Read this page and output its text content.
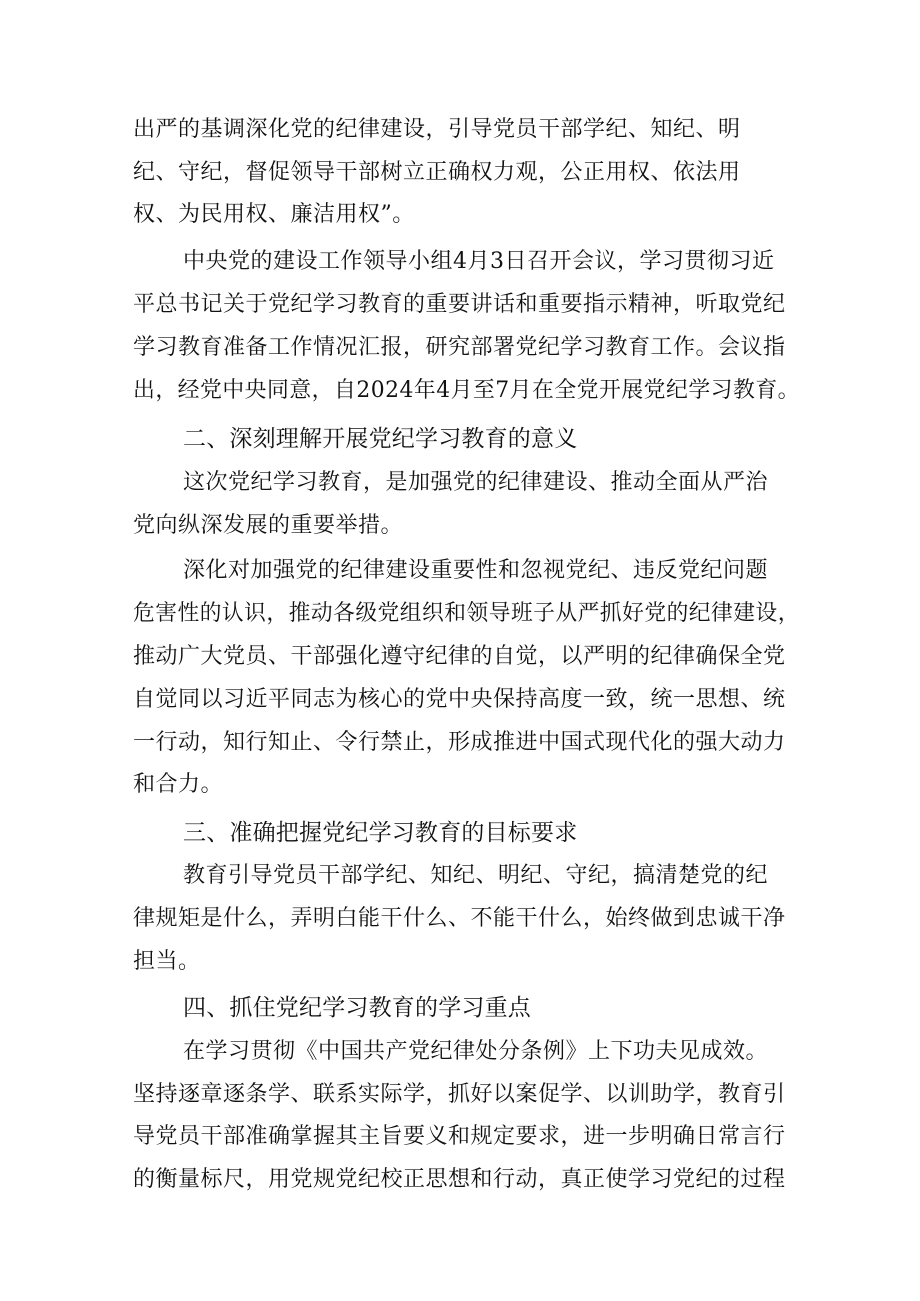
出严的基调深化党的纪律建设，引导党员干部学纪、知纪、明
纪、守纪，督促领导干部树立正确权力观，公正用权、依法用
权、为民用权、廉洁用权”。
中央党的建设工作领导小组4月3日召开会议，学习贯彻习近
平总书记关于党纪学习教育的重要讲话和重要指示精神，听取党纪
学习教育准备工作情况汇报，研究部署党纪学习教育工作。会议指
出，经党中央同意，自2024年4月至7月在全党开展党纪学习教育。
二、深刻理解开展党纪学习教育的意义
这次党纪学习教育，是加强党的纪律建设、推动全面从严治
党向纵深发展的重要举措。
深化对加强党的纪律建设重要性和忽视党纪、违反党纪问题
危害性的认识，推动各级党组织和领导班子从严抓好党的纪律建设，
推动广大党员、干部强化遵守纪律的自觉，以严明的纪律确保全党
自觉同以习近平同志为核心的党中央保持高度一致，统一思想、统
一行动，知行知止、令行禁止，形成推进中国式现代化的强大动力
和合力。
三、准确把握党纪学习教育的目标要求
教育引导党员干部学纪、知纪、明纪、守纪，搞清楚党的纪
律规矩是什么，弄明白能干什么、不能干什么，始终做到忠诚干净
担当。
四、抓住党纪学习教育的学习重点
在学习贯彻《中国共产党纪律处分条例》上下功夫见成效。
坚持逐章逐条学、联系实际学，抓好以案促学、以训助学，教育引
导党员干部准确掌握其主旨要义和规定要求，进一步明确日常言行
的衡量标尺，用党规党纪校正思想和行动，真正使学习党纪的过程
